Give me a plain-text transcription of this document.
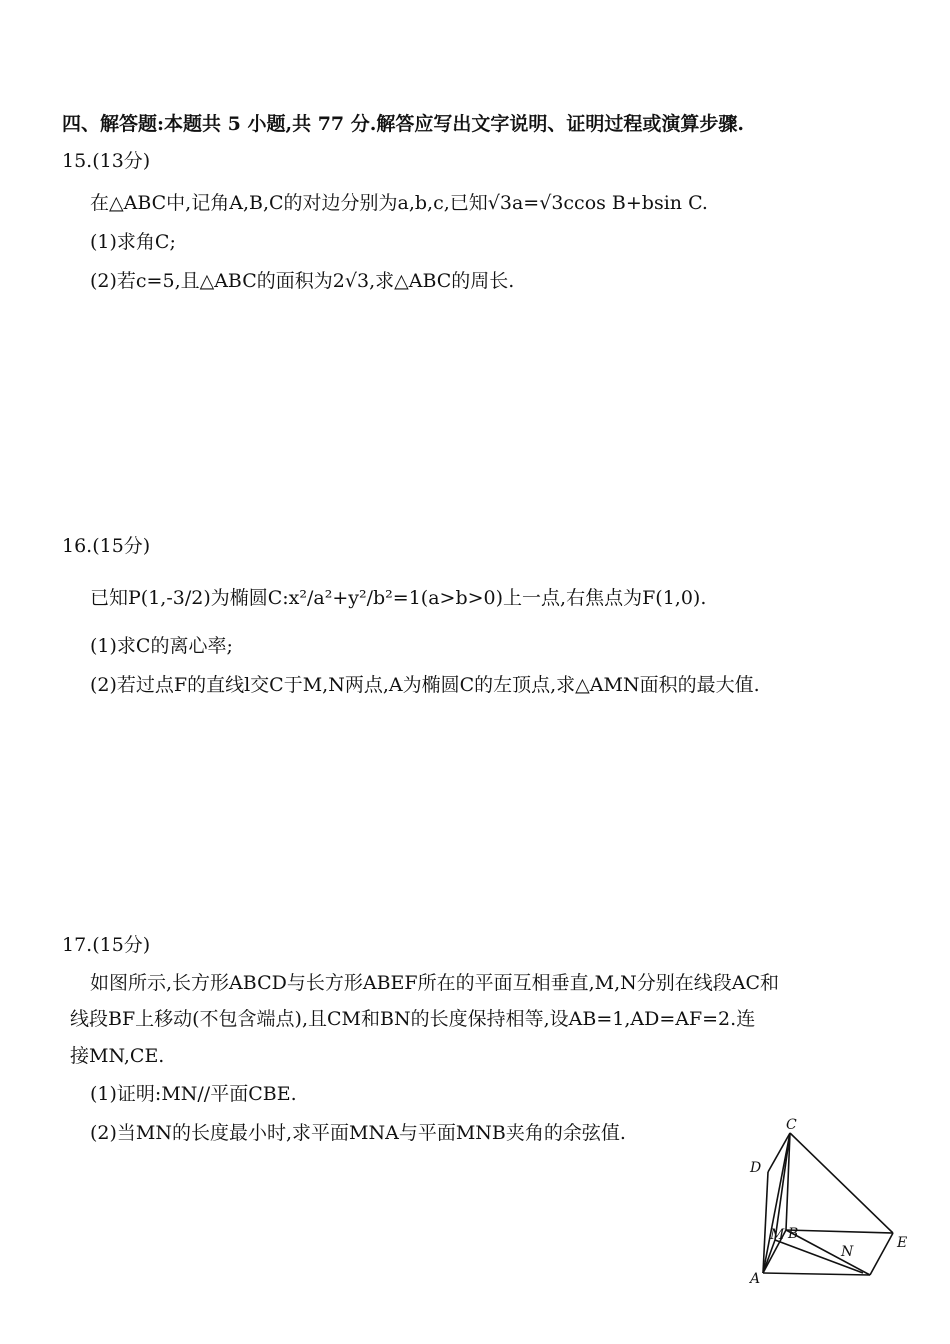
四、解答题:本题共 5 小题,共 77 分.解答应写出文字说明、证明过程或演算步骤.
15.(13分)
在△ABC中,记角A,B,C的对边分别为a,b,c,已知√3a=√3ccos B+bsin C.
(1)求角C;
(2)若c=5,且△ABC的面积为2√3,求△ABC的周长.
16.(15分)
已知P(1,-3/2)为椭圆C:x²/a²+y²/b²=1(a>b>0)上一点,右焦点为F(1,0).
(1)求C的离心率;
(2)若过点F的直线l交C于M,N两点,A为椭圆C的左顶点,求△AMN面积的最大值.
17.(15分)
如图所示,长方形ABCD与长方形ABEF所在的平面互相垂直,M,N分别在线段AC和
线段BF上移动(不包含端点),且CM和BN的长度保持相等,设AB=1,AD=AF=2.连
接MN,CE.
(1)证明:MN//平面CBE.
(2)当MN的长度最小时,求平面MNA与平面MNB夹角的余弦值.	C
D
M B
N
E
A
